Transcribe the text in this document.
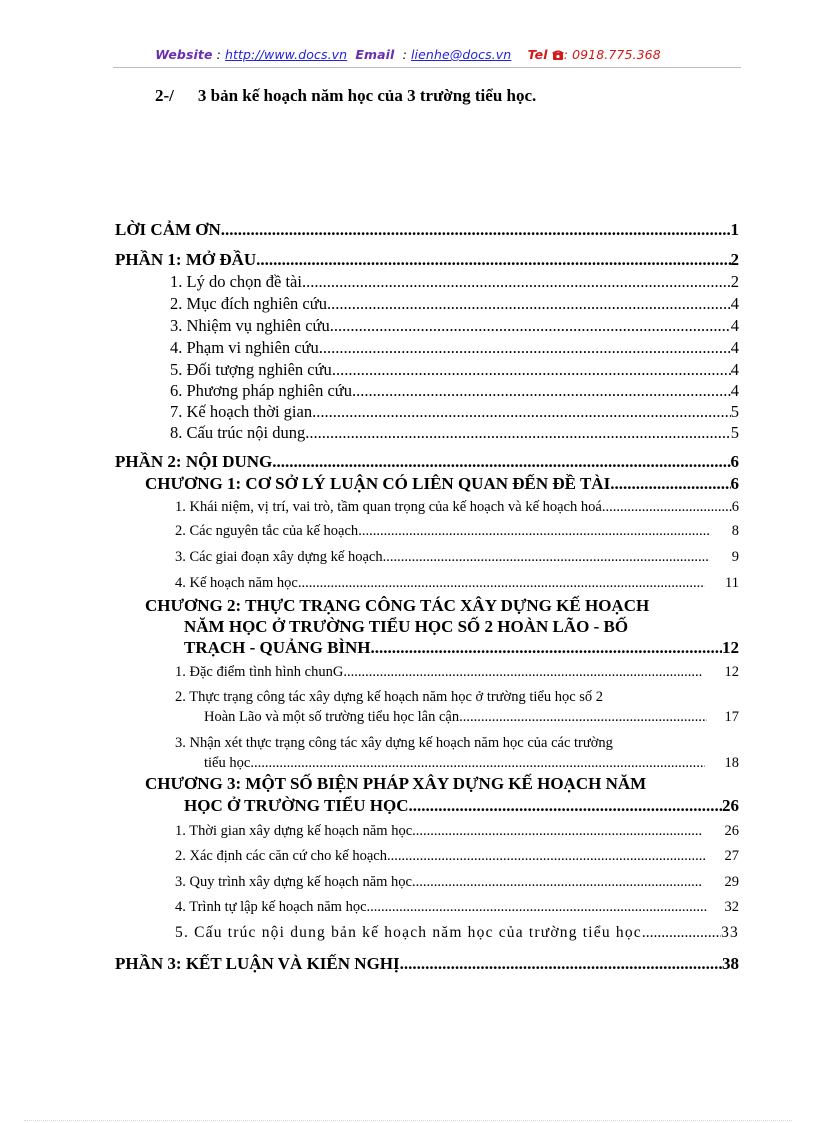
Website : http://www.docs.vn Email  : lienhe@docs.vn Tel : 0918.775.368
2-/ 3 bản kế hoạch năm học của 3 trường tiểu học.
LỜI CẢM ƠN .....	1
PHẦN 1: MỞ ĐẦU .....	2
1. Lý do chọn đề tài .....	2
2. Mục đích nghiên cứu .....	4
3. Nhiệm vụ nghiên cứu .....	4
4. Phạm vi nghiên cứu .....	4
5. Đối tượng nghiên cứu .....	4
6. Phương pháp nghiên cứu .....	4
7. Kế hoạch thời gian .....	5
8. Cấu trúc nội dung .....	5
PHẦN 2: NỘI DUNG .....	6
CHƯƠNG 1: CƠ SỞ LÝ LUẬN CÓ LIÊN QUAN ĐẾN ĐỀ TÀI .....	6
1. Khái niệm, vị trí, vai trò, tầm quan trọng của kế hoạch và kế hoạch hoá .....	6
2. Các nguyên tắc của kế hoạch .....	8
3. Các giai đoạn xây dựng kế hoạch .....	9
4. Kế hoạch năm học .....	11
CHƯƠNG 2: THỰC TRẠNG CÔNG TÁC XÂY DỰNG KẾ HOẠCH
NĂM HỌC Ở TRƯỜNG TIỂU HỌC SỐ 2 HOÀN LÃO - BỐ
TRẠCH - QUẢNG BÌNH .....	12
1. Đặc điểm tình hình chunG .....	12
2. Thực trạng công tác xây dựng kế hoạch năm học ở trường tiểu học số 2
Hoàn Lão và một số trường tiểu học lân cận .....	17
3. Nhận xét thực trạng công tác xây dựng kế hoạch năm học của các trường
tiểu học .....	18
CHƯƠNG 3: MỘT SỐ BIỆN PHÁP XÂY DỰNG KẾ HOẠCH NĂM
HỌC Ở TRƯỜNG TIỂU HỌC .....	26
1. Thời gian xây dựng kế hoạch năm học .....	26
2. Xác định các căn cứ cho kế hoạch .....	27
3. Quy trình xây dựng kế hoạch năm học .....	29
4. Trình tự lập kế hoạch năm học .....	32
5. Cấu trúc nội dung bản kế hoạch năm học của trường tiểu học .....	33
PHẦN 3: KẾT LUẬN VÀ KIẾN NGHỊ .....	38
